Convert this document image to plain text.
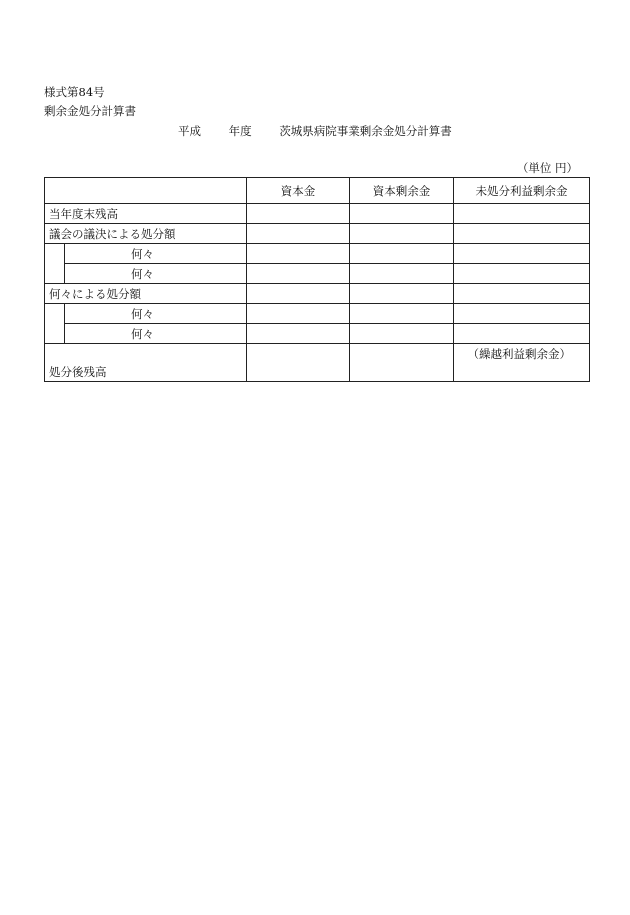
様式第84号
剰余金処分計算書
平成 年度 茨城県病院事業剰余金処分計算書
（単位 円）
		資本金	資本剰余金	未処分利益剰余金
当年度末残高				
議会の議決による処分額				
	何々			
	何々			
何々による処分額				
	何々			
	何々			
処分後残高				（繰越利益剰余金）
